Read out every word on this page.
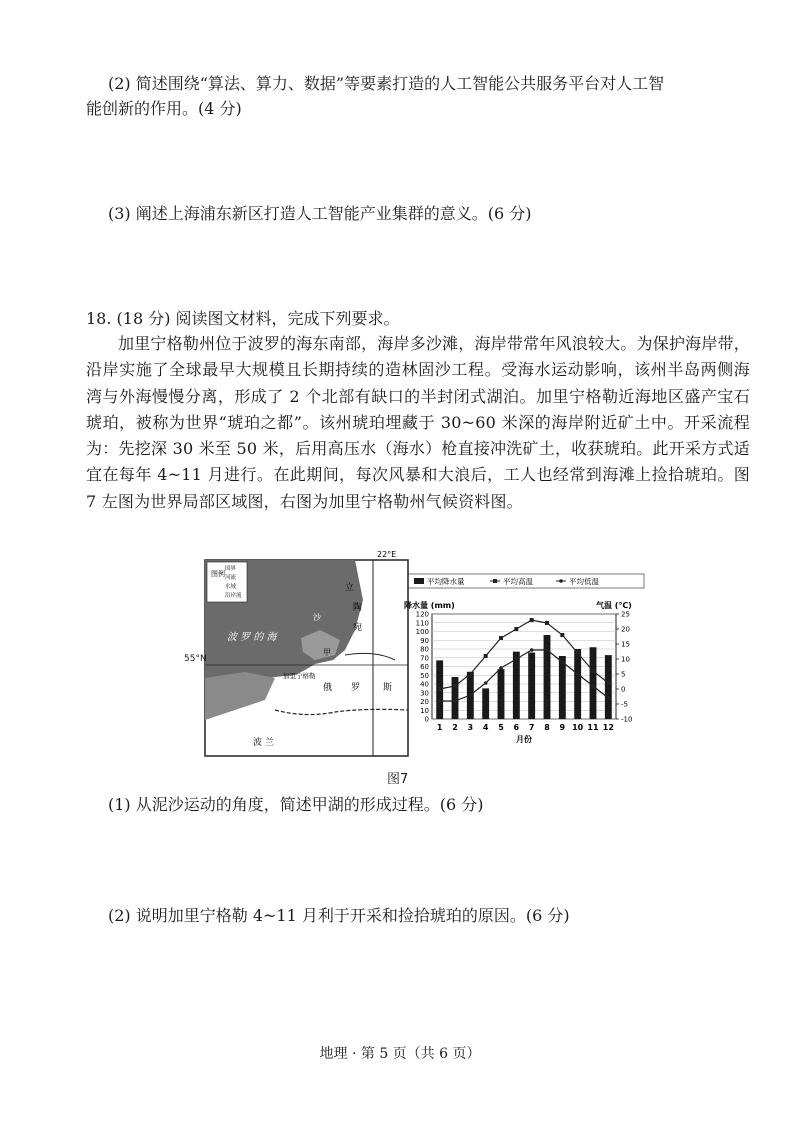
(2) 简述围绕“算法、算力、数据”等要素打造的人工智能公共服务平台对人工智
能创新的作用。(4 分)
(3) 阐述上海浦东新区打造人工智能产业集群的意义。(6 分)
18. (18 分) 阅读图文材料，完成下列要求。
加里宁格勒州位于波罗的海东南部，海岸多沙滩，海岸带常年风浪较大。为保护海岸带，沿岸实施了全球最早大规模且长期持续的造林固沙工程。受海水运动影响，该州半岛两侧海湾与外海慢慢分离，形成了 2 个北部有缺口的半封闭式湖泊。加里宁格勒近海地区盛产宝石琥珀，被称为世界“琥珀之都”。该州琥珀埋藏于 30~60 米深的海岸附近矿土中。开采流程为：先挖深 30 米至 50 米，后用高压水（海水）枪直接冲洗矿土，收获琥珀。此开采方式适宜在每年 4~11 月进行。在此期间，每次风暴和大浪后，工人也经常到海滩上捡拾琥珀。图 7 左图为世界局部区域图，右图为加里宁格勒州气候资料图。
图例
国界
河流
水域
沿岸流
22°E
波 罗 的 海
沙
甲
加里宁格勒
立
陶
宛
俄 罗	斯
波 兰
55°N
0
10
20
30
40
50
60
70
80
90
100
110
120
-10
-5
0
5
10
15
20
25
1 2 3 4 5 6 7 8 9 10 11 12
月份
降水量 (mm)	气温 (℃)
平均降水量	平均高温	平均低温
图7
(1) 从泥沙运动的角度，简述甲湖的形成过程。(6 分)
(2) 说明加里宁格勒 4~11 月利于开采和捡拾琥珀的原因。(6 分)
地理 · 第 5 页（共 6 页）
